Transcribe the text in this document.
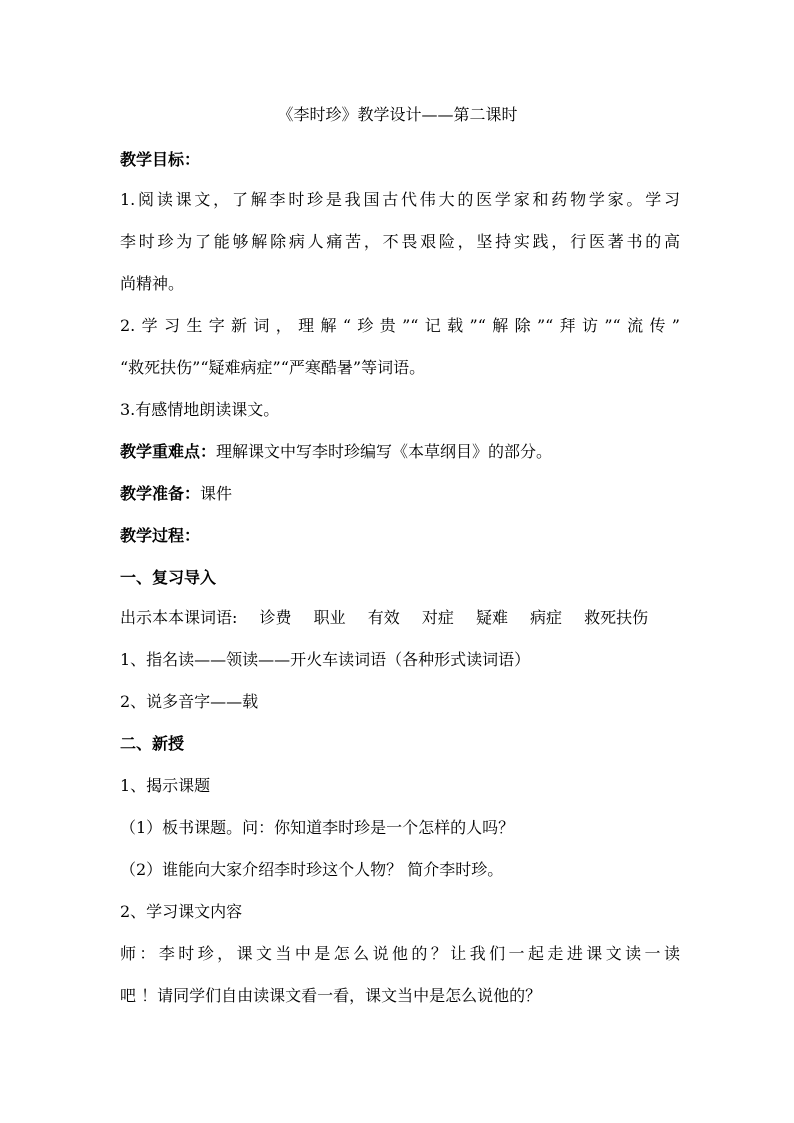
《李时珍》教学设计——第二课时
教学目标：
1.阅读课文，了解李时珍是我国古代伟大的医学家和药物学家。学习
李时珍为了能够解除病人痛苦，不畏艰险，坚持实践，行医著书的高
尚精神。
2.学习生字新词，理解“珍贵”“记载”“解除”“拜访”“流传”
“救死扶伤”“疑难病症”“严寒酷暑”等词语。
3.有感情地朗读课文。
教学重难点：理解课文中写李时珍编写《本草纲目》的部分。
教学准备：课件
教学过程：
一、复习导入
出示本本课词语: 诊费 职业 有效 对症 疑难 病症 救死扶伤
1、指名读——领读——开火车读词语（各种形式读词语）
2、说多音字——载
二、新授
1、揭示课题
（1）板书课题。问：你知道李时珍是一个怎样的人吗？
（2）谁能向大家介绍李时珍这个人物？ 简介李时珍。
2、学习课文内容
师：李时珍，课文当中是怎么说他的？让我们一起走进课文读一读
吧 ！请同学们自由读课文看一看，课文当中是怎么说他的？
